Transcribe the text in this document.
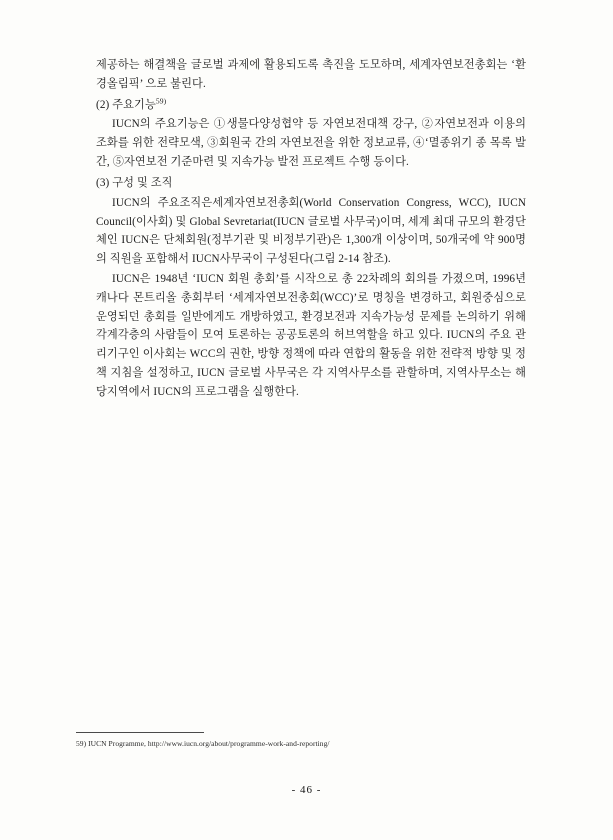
제공하는 해결책을 글로벌 과제에 활용되도록 촉진을 도모하며, 세계자연보전총회는 ‘환경올림픽’ 으로 불린다.

(2) 주요기능$^{59)}$

IUCN의 주요기능은 ①생물다양성협약 등 자연보전대책 강구, ②자연보전과 이용의 조화를 위한 전략모색, ③회원국 간의 자연보전을 위한 정보교류, ④‘멸종위기 종 목록 발간, ⑤자연보전 기준마련 및 지속가능 발전 프로젝트 수행 등이다.

(3) 구성 및 조직

IUCN의 주요조직은세계자연보전총회(World Conservation Congress, WCC), IUCN Council(이사회) 및 Global Sevretariat(IUCN 글로벌 사무국)이며, 세계 최대 규모의 환경단체인 IUCN은 단체회원(정부기관 및 비정부기관)은 1,300개 이상이며, 50개국에 약 900명의 직원을 포함해서 IUCN사무국이 구성된다(그림 2-14 참조).

IUCN은 1948년 ‘IUCN 회원 총회’를 시작으로 총 22차례의 회의를 가졌으며, 1996년 캐나다 몬트리올 총회부터 ‘세계자연보전총회(WCC)’로 명칭을 변경하고, 회원중심으로 운영되던 총회를 일반에게도 개방하였고, 환경보전과 지속가능성 문제를 논의하기 위해 각계각층의 사람들이 모여 토론하는 공공토론의 허브역할을 하고 있다. IUCN의 주요 관리기구인 이사회는 WCC의 권한, 방향 정책에 따라 연합의 활동을 위한 전략적 방향 및 정책 지침을 설정하고, IUCN 글로벌 사무국은 각 지역사무소를 관할하며, 지역사무소는 해당지역에서 IUCN의 프로그램을 실행한다.

59) IUCN Programme, http://www.iucn.org/about/programme-work-and-reporting/
- 46 -
